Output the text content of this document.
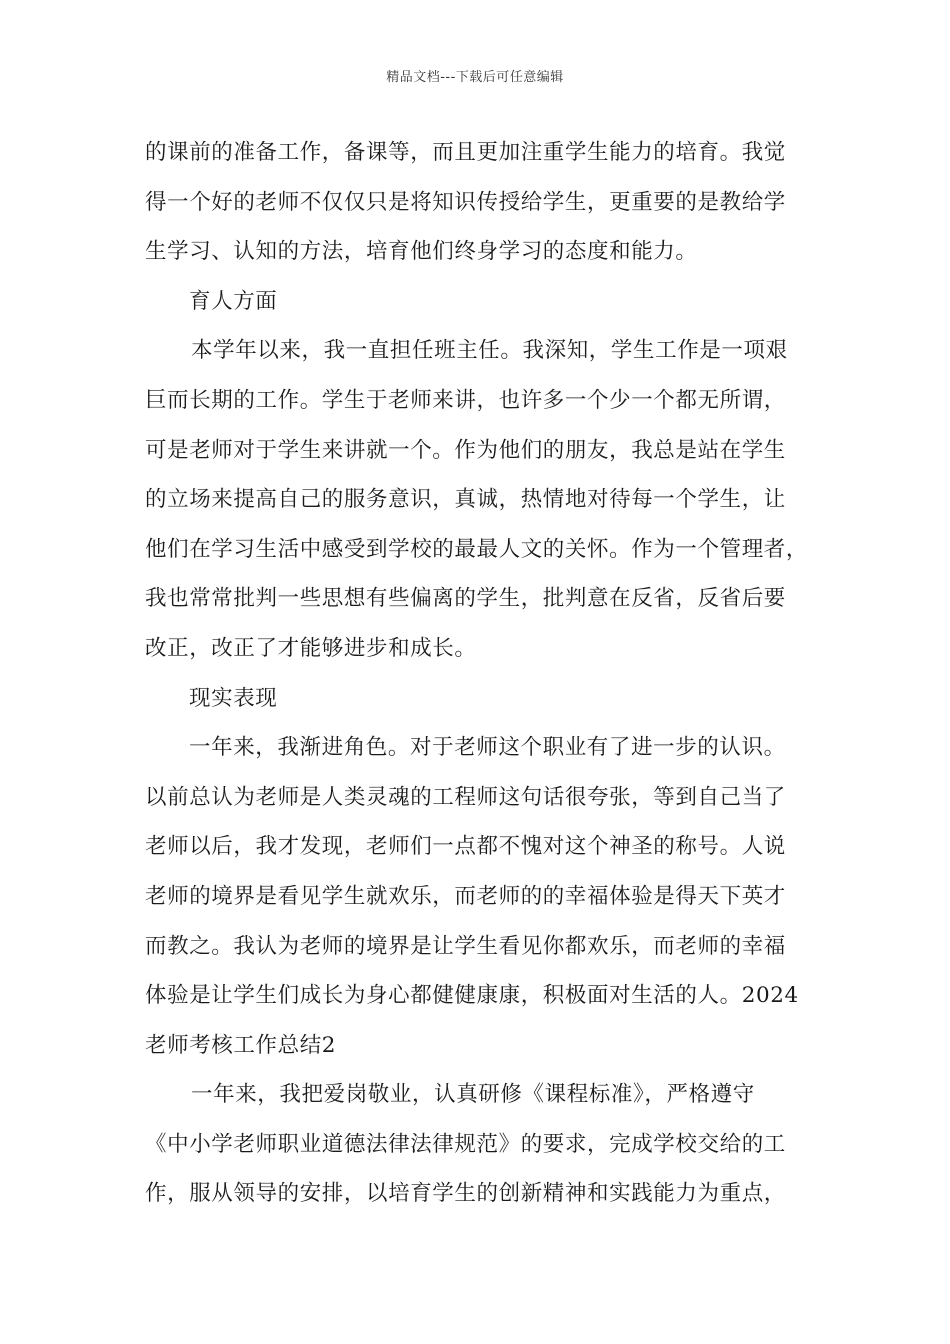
精品文档---下载后可任意编辑
的课前的准备工作，备课等，而且更加注重学生能力的培育。我觉
得一个好的老师不仅仅只是将知识传授给学生，更重要的是教给学
生学习、认知的方法，培育他们终身学习的态度和能力。
育人方面
本学年以来，我一直担任班主任。我深知，学生工作是一项艰
巨而长期的工作。学生于老师来讲，也许多一个少一个都无所谓，
可是老师对于学生来讲就一个。作为他们的朋友，我总是站在学生
的立场来提高自己的服务意识，真诚，热情地对待每一个学生，让
他们在学习生活中感受到学校的最最人文的关怀。作为一个管理者，
我也常常批判一些思想有些偏离的学生，批判意在反省，反省后要
改正，改正了才能够进步和成长。
现实表现
一年来，我渐进角色。对于老师这个职业有了进一步的认识。
以前总认为老师是人类灵魂的工程师这句话很夸张，等到自己当了
老师以后，我才发现，老师们一点都不愧对这个神圣的称号。人说
老师的境界是看见学生就欢乐，而老师的的幸福体验是得天下英才
而教之。我认为老师的境界是让学生看见你都欢乐，而老师的幸福
体验是让学生们成长为身心都健健康康，积极面对生活的人。2024
老师考核工作总结2
一年来，我把爱岗敬业，认真研修《课程标准》，严格遵守
《中小学老师职业道德法律法律规范》的要求，完成学校交给的工
作，服从领导的安排，以培育学生的创新精神和实践能力为重点，
